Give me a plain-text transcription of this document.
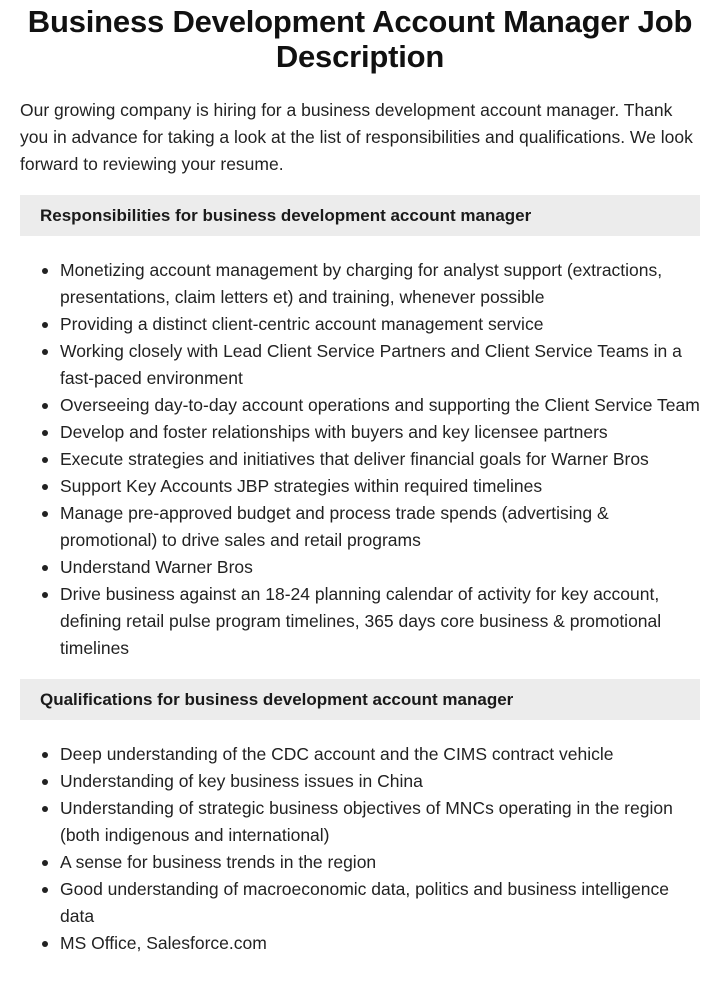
Business Development Account Manager Job Description

Our growing company is hiring for a business development account manager. Thank you in advance for taking a look at the list of responsibilities and qualifications. We look forward to reviewing your resume.

Responsibilities for business development account manager
Monetizing account management by charging for analyst support (extractions, presentations, claim letters et) and training, whenever possible
Providing a distinct client-centric account management service
Working closely with Lead Client Service Partners and Client Service Teams in a fast-paced environment
Overseeing day-to-day account operations and supporting the Client Service Team
Develop and foster relationships with buyers and key licensee partners
Execute strategies and initiatives that deliver financial goals for Warner Bros
Support Key Accounts JBP strategies within required timelines
Manage pre-approved budget and process trade spends (advertising & promotional) to drive sales and retail programs
Understand Warner Bros
Drive business against an 18-24 planning calendar of activity for key account, defining retail pulse program timelines, 365 days core business & promotional timelines
Qualifications for business development account manager
Deep understanding of the CDC account and the CIMS contract vehicle
Understanding of key business issues in China
Understanding of strategic business objectives of MNCs operating in the region (both indigenous and international)
A sense for business trends in the region
Good understanding of macroeconomic data, politics and business intelligence data
MS Office, Salesforce.com
